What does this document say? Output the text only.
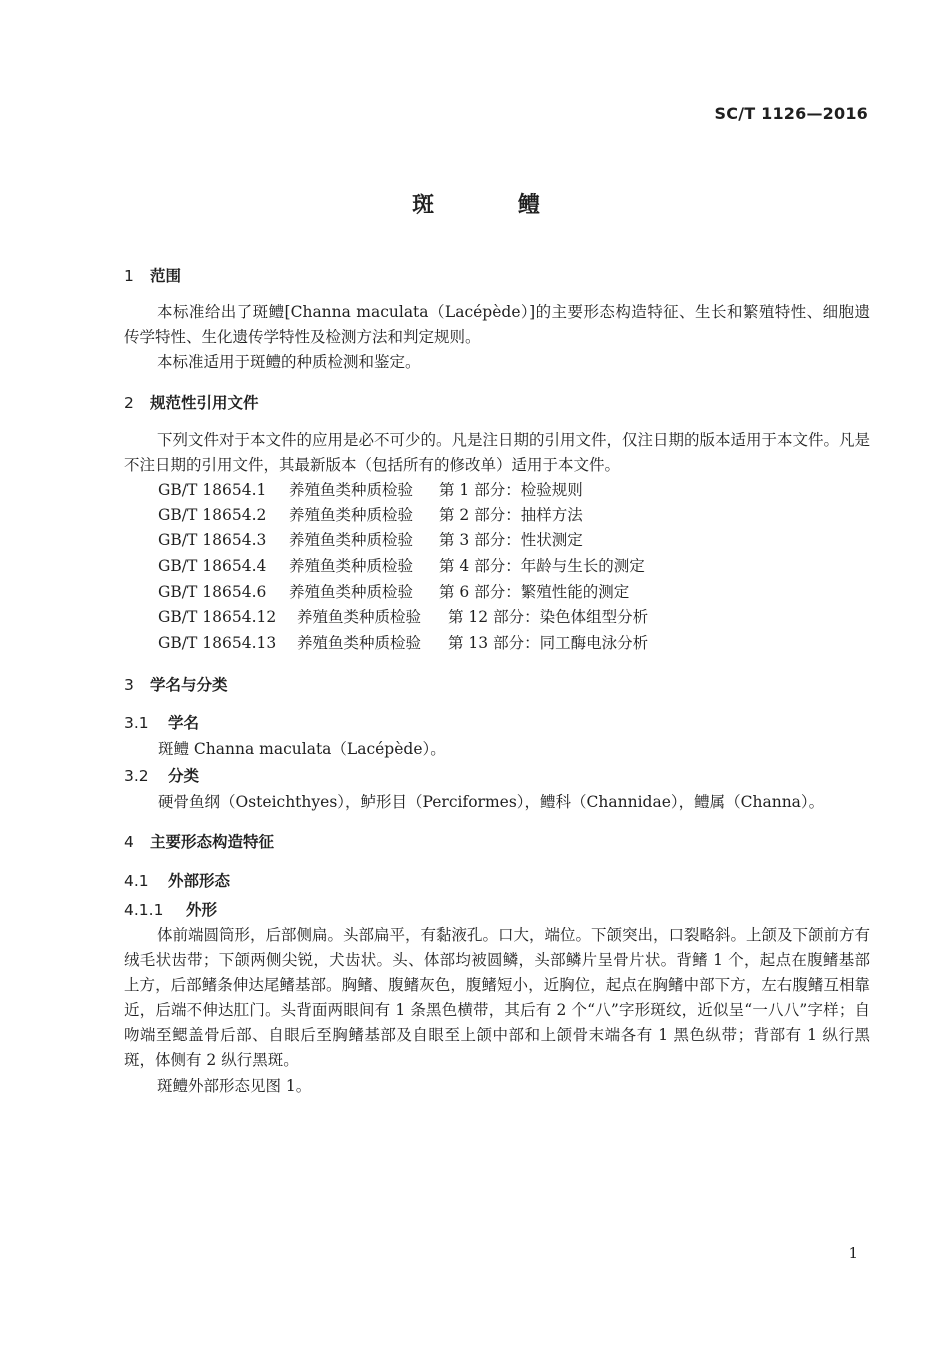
SC/T 1126—2016
斑 鳢
1 范围
本标准给出了斑鳢[Channa maculata（Lacépède）]的主要形态构造特征、生长和繁殖特性、细胞遗传学特性、生化遗传学特性及检测方法和判定规则。
本标准适用于斑鳢的种质检测和鉴定。
2 规范性引用文件
下列文件对于本文件的应用是必不可少的。凡是注日期的引用文件，仅注日期的版本适用于本文件。凡是不注日期的引用文件，其最新版本（包括所有的修改单）适用于本文件。
GB/T 18654.1 养殖鱼类种质检验 第 1 部分：检验规则
GB/T 18654.2 养殖鱼类种质检验 第 2 部分：抽样方法
GB/T 18654.3 养殖鱼类种质检验 第 3 部分：性状测定
GB/T 18654.4 养殖鱼类种质检验 第 4 部分：年龄与生长的测定
GB/T 18654.6 养殖鱼类种质检验 第 6 部分：繁殖性能的测定
GB/T 18654.12 养殖鱼类种质检验 第 12 部分：染色体组型分析
GB/T 18654.13 养殖鱼类种质检验 第 13 部分：同工酶电泳分析
3 学名与分类
3.1 学名
斑鳢 Channa maculata（Lacépède）。
3.2 分类
硬骨鱼纲（Osteichthyes），鲈形目（Perciformes），鳢科（Channidae），鳢属（Channa）。
4 主要形态构造特征
4.1 外部形态
4.1.1 外形
体前端圆筒形，后部侧扁。头部扁平，有黏液孔。口大，端位。下颌突出，口裂略斜。上颌及下颌前方有绒毛状齿带；下颌两侧尖锐，犬齿状。头、体部均被圆鳞，头部鳞片呈骨片状。背鳍 1 个，起点在腹鳍基部上方，后部鳍条伸达尾鳍基部。胸鳍、腹鳍灰色，腹鳍短小，近胸位，起点在胸鳍中部下方，左右腹鳍互相靠近，后端不伸达肛门。头背面两眼间有 1 条黑色横带，其后有 2 个“八”字形斑纹，近似呈“一八八”字样；自吻端至鳃盖骨后部、自眼后至胸鳍基部及自眼至上颌中部和上颌骨末端各有 1 黑色纵带；背部有 1 纵行黑斑，体侧有 2 纵行黑斑。
斑鳢外部形态见图 1。
1
